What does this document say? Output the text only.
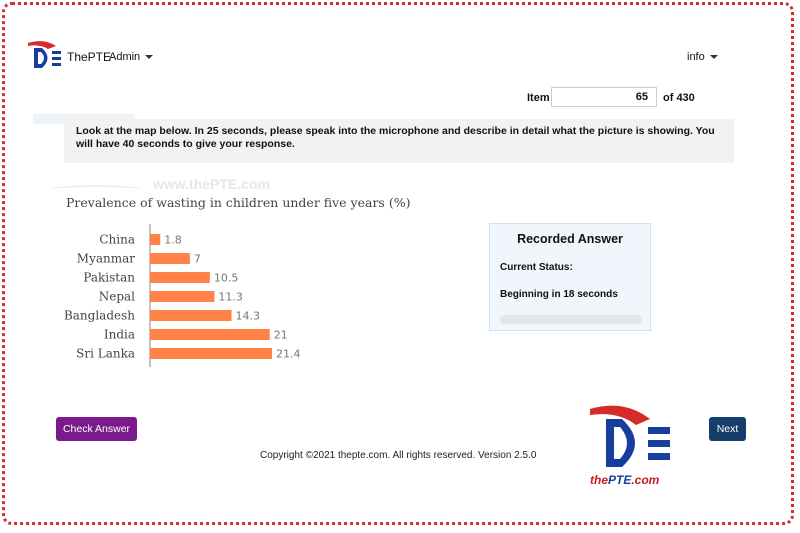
ThePTE
Admin	info
Item	65	of 430
Look at the map below. In 25 seconds, please speak into the microphone and describe in detail what the picture is showing. You will have 40 seconds to give your response.
www.thePTE.com
Prevalence of wasting in children under five years (%)
China	1.8
Myanmar	7
Pakistan	10.5
Nepal	11.3
Bangladesh	14.3
India	21
Sri Lanka	21.4
Recorded Answer
Current Status:
Beginning in 18 seconds
Check Answer	Next
Copyright ©2021 thepte.com. All rights reserved. Version 2.5.0
thePTE.com
